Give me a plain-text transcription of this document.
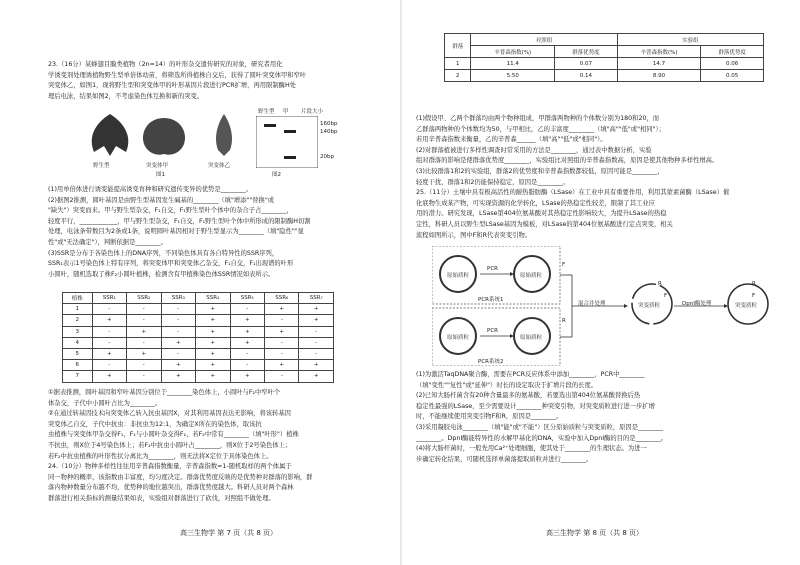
23.（16分）某蜂翅目膜类植物（2n=14）的叶形杂交遗传研究的对象，研究者用化
学诱变剂处理诱植物野生型单倍体幼苗，将筛选所得植株自交后，获得了圆叶突变体甲和窄叶
突变体乙，如图1，现将野生型和突变体甲的叶形基因片段进行PCR扩增，再用限制酶H处
理后电泳，结果如图2，不考虑染色体互换和新的突变。
野生型	突变体甲	突变体乙
图1
野生型 甲 片段大小
160bp
140bp
20bp
图2
(1)用单倍体进行诱变能提高诱变育种和研究遗传变异的优势是________。
(2)据图2推测，圆叶基因是由野生型基因发生碱基的________（填"增添""替换"或
"缺失"）突变而来。甲与野生型杂交，F₁自交，F₁野生型叶个体中的杂合子占________，
轻度平行，____________，甲与野生型杂交，F₁自交，F₁野生型叶个体中所形成的限制酶H切割
处理，电泳条带数目为2条或1条，说明圆叶基因相对于野生型显示为________（填"隐性""显
性"或"无法确定"），判断依据是________。
(3)SSR是分布于各染色体上的DNA序列，不同染色体具有各自特异性的SSR序列，
SSR₁表示1号染色体上特有序列，将突变体甲和突变体乙杂交，F₁自交，F₁出现谱的叶形
小圆叶，随机选取了株F₂小圆叶植株，检测含有甲植株染色体SSR情况如表所示。
植株	SSR₁	SSR₂	SSR₃	SSR₄	SSR₅	SSR₆	SSR₇
1	-	-	-	+	-	+	+
2	+	-	-	+	+	-	+
3	-	+	-	+	+	+	-
4	-	-	+	+	+	-	-
5	+	+	-	+	-	-	-
6	-	-	+	+	-	+	+
7	+	-	+	+	+	-	+
①据表推测，圆叶基因和窄叶基因分别位于________染色体上，小圆叶与F₂中窄叶个
体杂交，子代中小圆叶占比为________。
②在通过转基因技术向突变体乙转入抗虫基因X，对其利用基因表达无影响，将该转基因
突变体乙自交，子代中抗虫：非抗虫为12:1，为确定X所在的染色体，取该抗
虫植株与突变体甲杂交得F₁，F₁与小圆叶杂交得F₂，若F₂中常有________（填"叶形"）植株
不抗虫，则X位于4号染色体上；若F₂中抗虫小圆叶占________，则X位于2号染色体上；
若F₂中抗虫植株的叶形性状分离比为________，则无法将X定位于具体染色体上。
24.（10分）物种多样性往往用辛普森指数衡量，辛普森指数=1-随机取样的两个体属于
同一物种的概率，该指数由丰富度，均匀度决定。群落优势度反映的是优势种对群落的影响，群
落内物种数量分布越不均，优势种的地位越突出，群落优势度越大。科研人员对两个森林
群落进行相关指标的测量结果如表，实验组对群落进行了砍伐，对照组不做处理。
高三生物学 第 7 页（共 8 页）
群落	对照组		实验组	
	辛普森指数(%)	群落优势度	辛普森指数(%)	群落优势度
1	11.4	0.07	14.7	0.06
2	5.50	0.14	8.90	0.05
(1)假设甲、乙两个群落均由两个物种组成，甲群落两物种的个体数分别为180和20，而
乙群落两物种的个体数均为50，与甲相比，乙的丰富度________（填"高""低"或"相同"）；
若用辛普森指数来衡量，乙的辛普森______（填"高""低"或"相同"）。
(2)对群落植被进行多样性调查时常采用的方法是________，通过表中数据分析，实验
组对群落的影响是使群落优势度________，实验组比对照组的辛普森指数高，原因是使其他物种多样性增高。
(3)比较群落1和2的实验组，群落2的优势度和辛普森指数都较低，原因可能是________，
轻度干扰，群落1和2仍能保持稳定，原因是________。
25.（11分）土壤中具有极高活性的耐热脂肪酶（LSase）在工业中具有重要作用，利用其蒙素菌酶（LSase）催
化底物生成某产物，可实现资源的化学转化，LSase的热稳定性较差，限制了其工业应
用的潜力。研究发现，LSase第404位氨基酸对其热稳定性影响较大，为提升LSase的热稳
定性，科研人员以野生型LSase基因为模板，对LSase的第404位氨基酸进行定点突变，相关
流程如图所示，图中F和R代表突变引物。
原始质粒	原始质粒
原始质粒	原始质粒
PCR
PCR系统1
PCR
PCR系统2
混合并处理	突变质粒	DpnⅠ酶处理	突变质粒
F
R
R
F
R
F
(1)为激活TaqDNA聚合酶，需要在PCR反应体系中添加________，PCR中________
（填"变性""复性"或"延伸"）时长的设定取决于扩增片段的长度。
(2)已知大肠杆菌含有20种含量最多的氨基酸，若要选出第404位氨基酸替换后热
稳定性最强的LSase，至少需要设计________种突变引物，对突变质粒进行进一步扩增
时，不能继续使用突变引物F和R，原因是________。
(3)采用凝胶电泳________（填"能"或"不能"）区分原始质粒与突变质粒，原因是________
________。DpnⅠ酶能特异性的水解甲基化的DNA，实验中加入DpnⅠ酶的目的是________。
(4)将大肠杆菌时，一般先用Ca²⁺处理细胞，使其处于________的生理状态。为进一
步确定转化结果，可随机选择单菌落提取质粒并进行________。
高三生物学 第 8 页（共 8 页）
